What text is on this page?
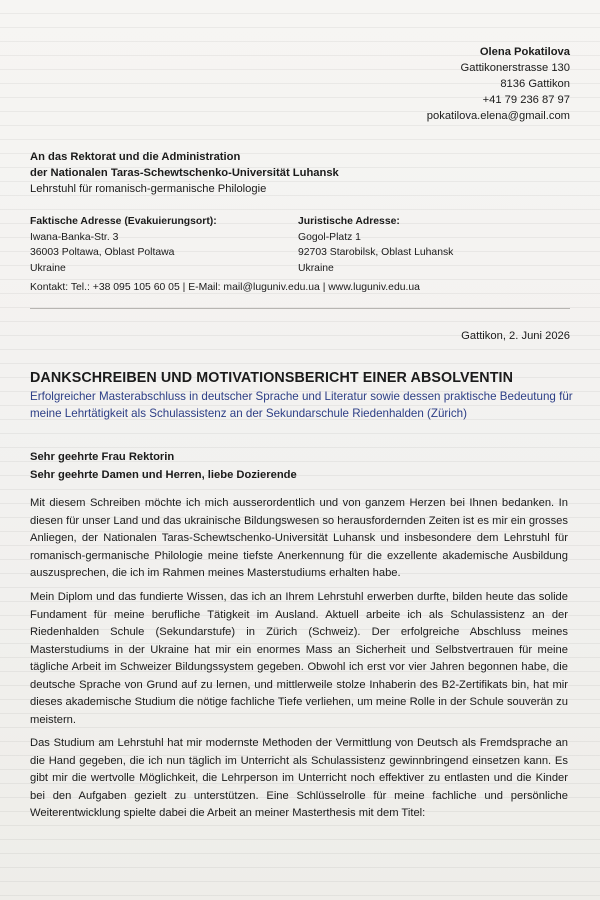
Olena Pokatilova
Gattikonerstrasse 130
8136 Gattikon
+41 79 236 87 97
pokatilova.elena@gmail.com
An das Rektorat und die Administration
der Nationalen Taras-Schewtschenko-Universität Luhansk
Lehrstuhl für romanisch-germanische Philologie
Faktische Adresse (Evakuierungsort):
Iwana-Banka-Str. 3
36003 Poltawa, Oblast Poltawa
Ukraine
Juristische Adresse:
Gogol-Platz 1
92703 Starobilsk, Oblast Luhansk
Ukraine
Kontakt: Tel.: +38 095 105 60 05 | E-Mail: mail@luguniv.edu.ua | www.luguniv.edu.ua
Gattikon, 2. Juni 2026
DANKSCHREIBEN UND MOTIVATIONSBERICHT EINER ABSOLVENTIN
Erfolgreicher Masterabschluss in deutscher Sprache und Literatur sowie dessen praktische Bedeutung für meine Lehrtätigkeit als Schulassistenz an der Sekundarschule Riedenhalden (Zürich)
Sehr geehrte Frau Rektorin
Sehr geehrte Damen und Herren, liebe Dozierende

Mit diesem Schreiben möchte ich mich ausserordentlich und von ganzem Herzen bei Ihnen bedanken. In diesen für unser Land und das ukrainische Bildungswesen so herausfordernden Zeiten ist es mir ein grosses Anliegen, der Nationalen Taras-Schewtschenko-Universität Luhansk und insbesondere dem Lehrstuhl für romanisch-germanische Philologie meine tiefste Anerkennung für die exzellente akademische Ausbildung auszusprechen, die ich im Rahmen meines Masterstudiums erhalten habe.

Mein Diplom und das fundierte Wissen, das ich an Ihrem Lehrstuhl erwerben durfte, bilden heute das solide Fundament für meine berufliche Tätigkeit im Ausland. Aktuell arbeite ich als Schulassistenz an der Riedenhalden Schule (Sekundarstufe) in Zürich (Schweiz). Der erfolgreiche Abschluss meines Masterstudiums in der Ukraine hat mir ein enormes Mass an Sicherheit und Selbstvertrauen für meine tägliche Arbeit im Schweizer Bildungssystem gegeben. Obwohl ich erst vor vier Jahren begonnen habe, die deutsche Sprache von Grund auf zu lernen, und mittlerweile stolze Inhaberin des B2-Zertifikats bin, hat mir dieses akademische Studium die nötige fachliche Tiefe verliehen, um meine Rolle in der Schule souverän zu meistern.

Das Studium am Lehrstuhl hat mir modernste Methoden der Vermittlung von Deutsch als Fremdsprache an die Hand gegeben, die ich nun täglich im Unterricht als Schulassistenz gewinnbringend einsetzen kann. Es gibt mir die wertvolle Möglichkeit, die Lehrperson im Unterricht noch effektiver zu entlasten und die Kinder bei den Aufgaben gezielt zu unterstützen. Eine Schlüsselrolle für meine fachliche und persönliche Weiterentwicklung spielte dabei die Arbeit an meiner Masterthesis mit dem Titel:
